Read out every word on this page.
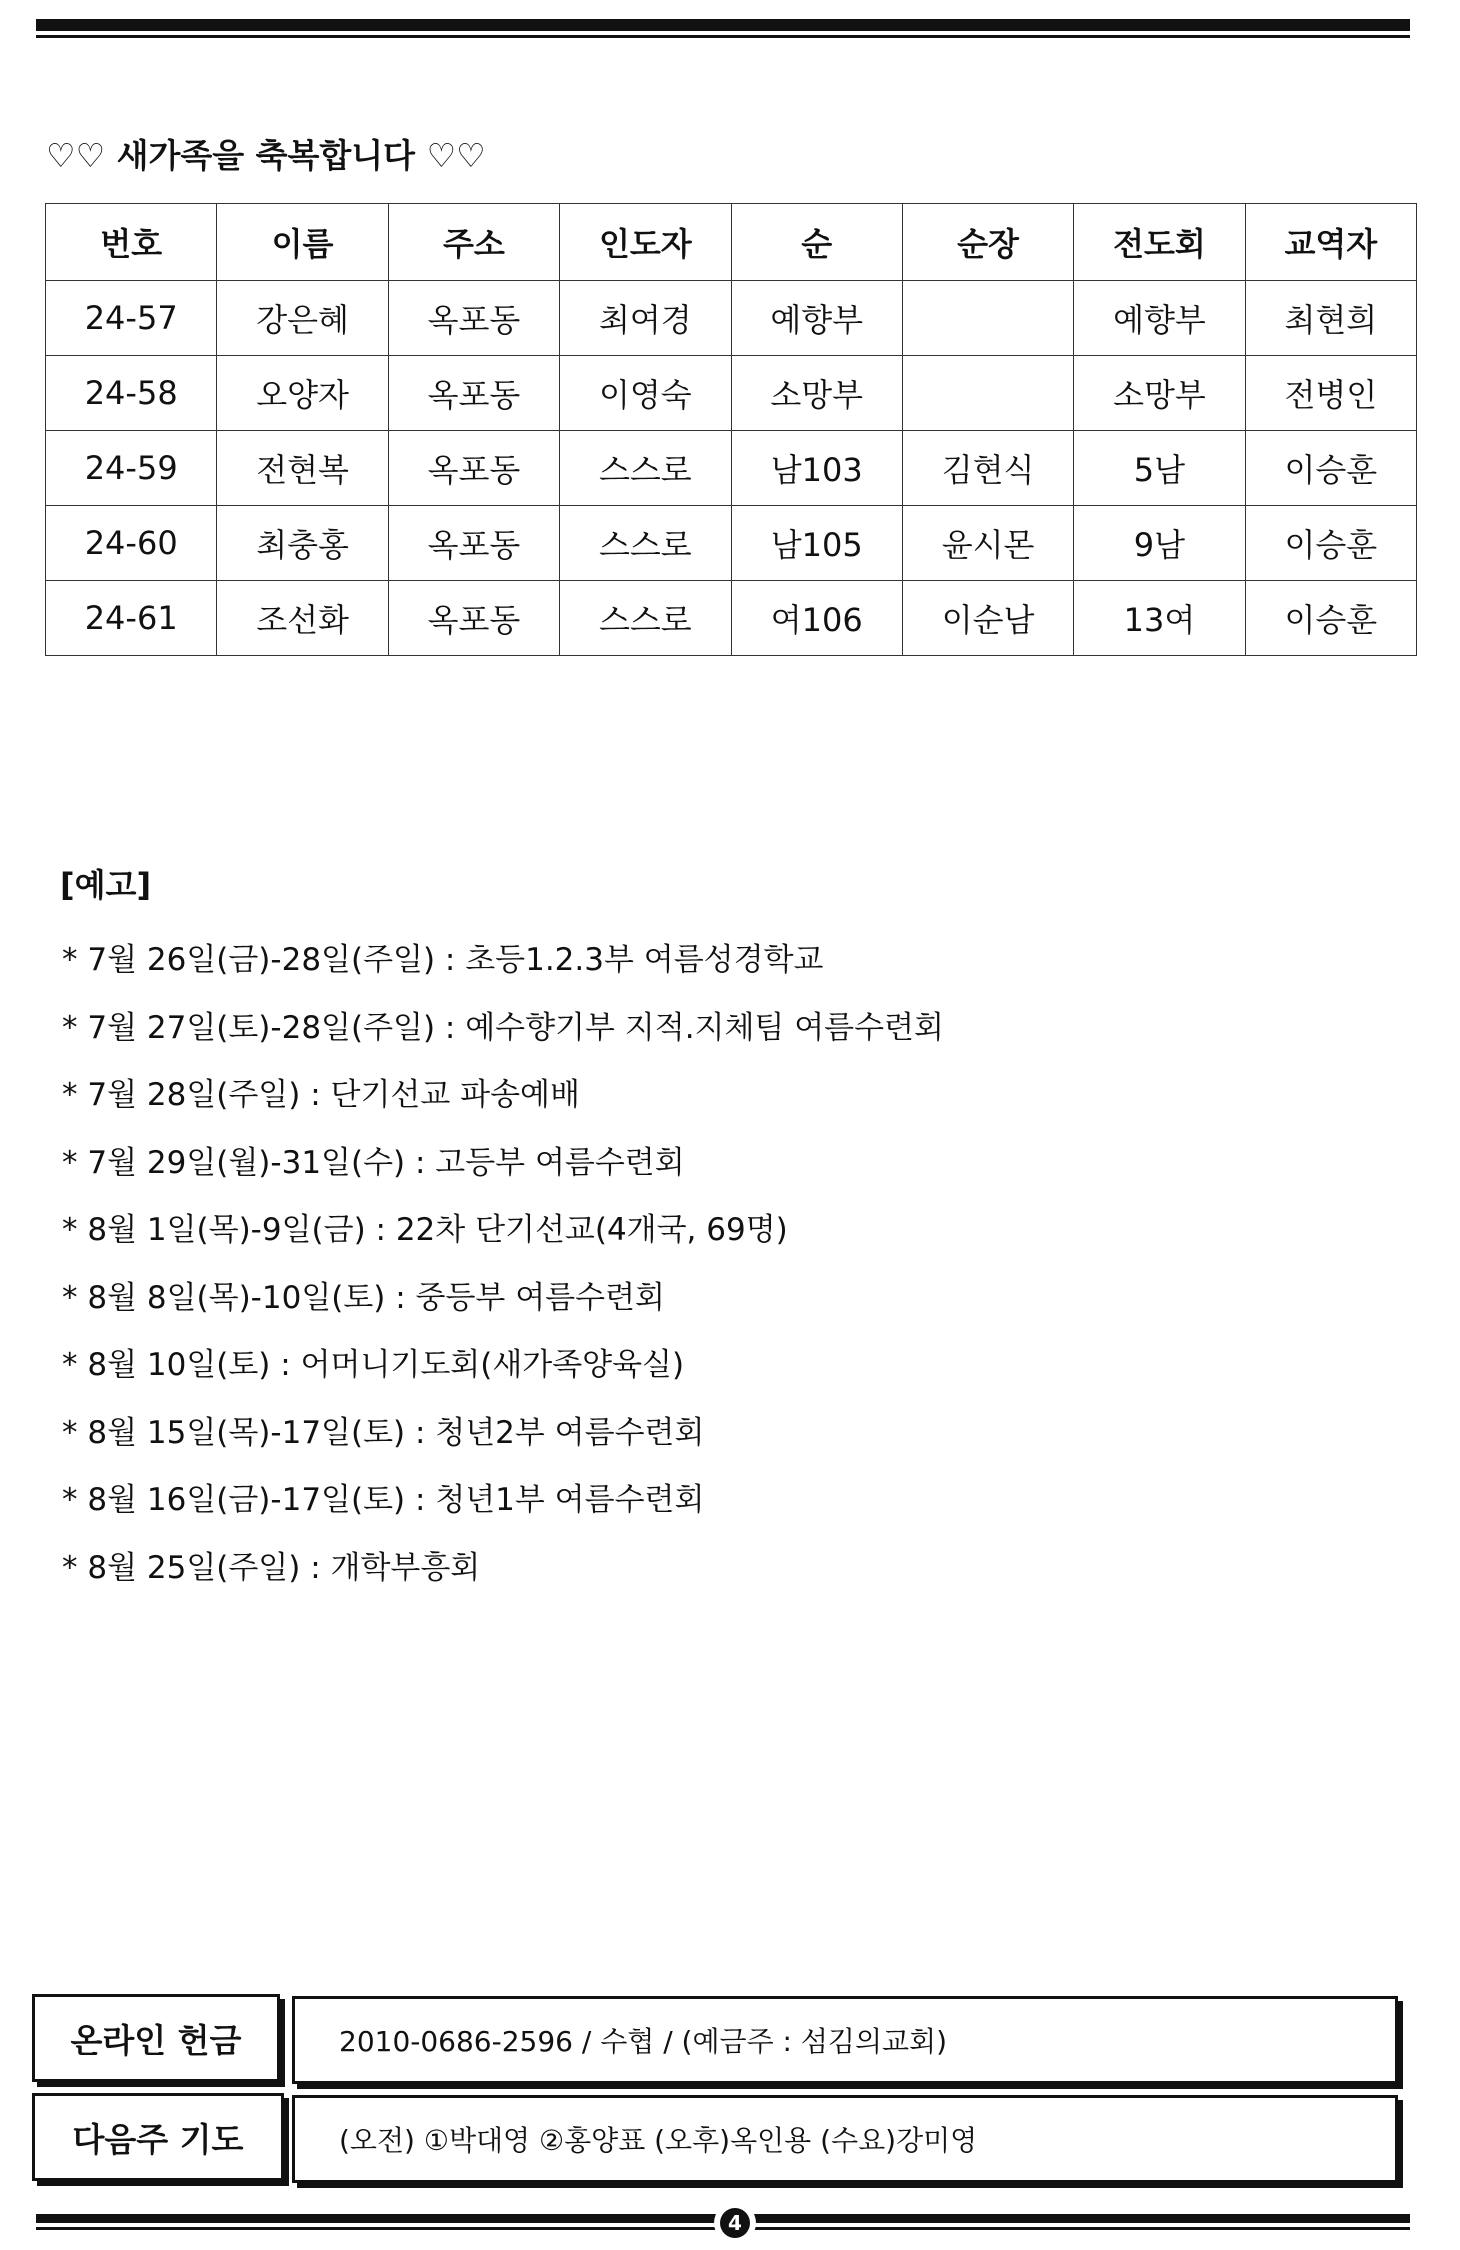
♡♡ 새가족을 축복합니다 ♡♡
번호	이름	주소	인도자	순	순장	전도회	교역자
24-57	강은혜	옥포동	최여경	예향부		예향부	최현희
24-58	오양자	옥포동	이영숙	소망부		소망부	전병인
24-59	전현복	옥포동	스스로	남103	김현식	5남	이승훈
24-60	최충홍	옥포동	스스로	남105	윤시몬	9남	이승훈
24-61	조선화	옥포동	스스로	여106	이순남	13여	이승훈
[예고]
* 7월 26일(금)-28일(주일) : 초등1.2.3부 여름성경학교
* 7월 27일(토)-28일(주일) : 예수향기부 지적.지체팀 여름수련회
* 7월 28일(주일) : 단기선교 파송예배
* 7월 29일(월)-31일(수) : 고등부 여름수련회
* 8월 1일(목)-9일(금) : 22차 단기선교(4개국, 69명)
* 8월 8일(목)-10일(토) : 중등부 여름수련회
* 8월 10일(토) : 어머니기도회(새가족양육실)
* 8월 15일(목)-17일(토) : 청년2부 여름수련회
* 8월 16일(금)-17일(토) : 청년1부 여름수련회
* 8월 25일(주일) : 개학부흥회
온라인 헌금	2010-0686-2596 / 수협 / (예금주 : 섬김의교회)
다음주 기도	(오전) ①박대영 ②홍양표 (오후)옥인용 (수요)강미영
4
